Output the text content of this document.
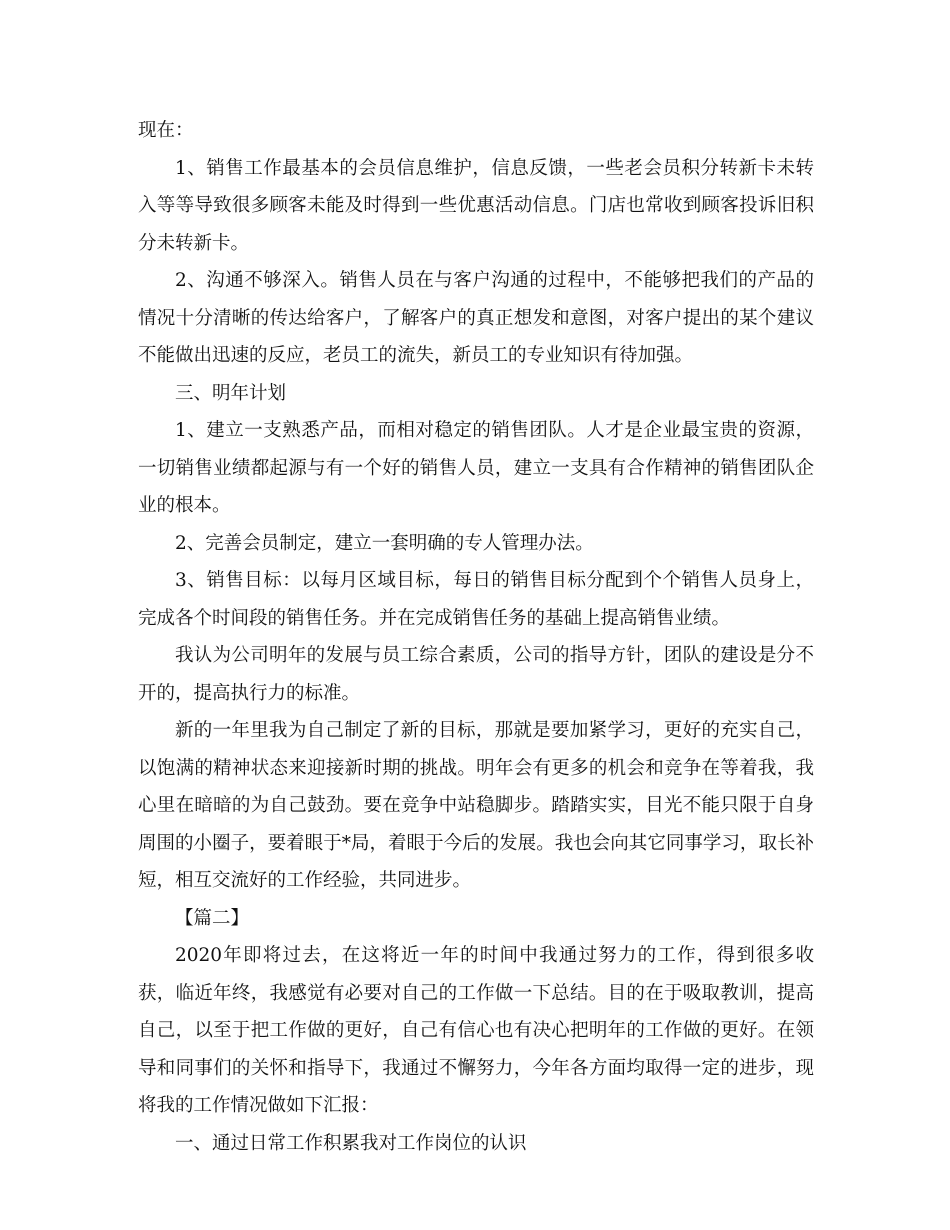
现在：

1、销售工作最基本的会员信息维护，信息反馈，一些老会员积分转新卡未转入等等导致很多顾客未能及时得到一些优惠活动信息。门店也常收到顾客投诉旧积分未转新卡。

2、沟通不够深入。销售人员在与客户沟通的过程中，不能够把我们的产品的情况十分清晰的传达给客户，了解客户的真正想发和意图，对客户提出的某个建议不能做出迅速的反应，老员工的流失，新员工的专业知识有待加强。

三、明年计划

1、建立一支熟悉产品，而相对稳定的销售团队。人才是企业最宝贵的资源，一切销售业绩都起源与有一个好的销售人员，建立一支具有合作精神的销售团队企业的根本。

2、完善会员制定，建立一套明确的专人管理办法。

3、销售目标：以每月区域目标，每日的销售目标分配到个个销售人员身上，完成各个时间段的销售任务。并在完成销售任务的基础上提高销售业绩。

我认为公司明年的发展与员工综合素质，公司的指导方针，团队的建设是分不开的，提高执行力的标准。

新的一年里我为自己制定了新的目标，那就是要加紧学习，更好的充实自己，以饱满的精神状态来迎接新时期的挑战。明年会有更多的机会和竞争在等着我，我心里在暗暗的为自己鼓劲。要在竞争中站稳脚步。踏踏实实，目光不能只限于自身周围的小圈子，要着眼于*局，着眼于今后的发展。我也会向其它同事学习，取长补短，相互交流好的工作经验，共同进步。

【篇二】

2020年即将过去，在这将近一年的时间中我通过努力的工作，得到很多收获，临近年终，我感觉有必要对自己的工作做一下总结。目的在于吸取教训，提高自己，以至于把工作做的更好，自己有信心也有决心把明年的工作做的更好。在领导和同事们的关怀和指导下，我通过不懈努力，今年各方面均取得一定的进步，现将我的工作情况做如下汇报：

一、通过日常工作积累我对工作岗位的认识
